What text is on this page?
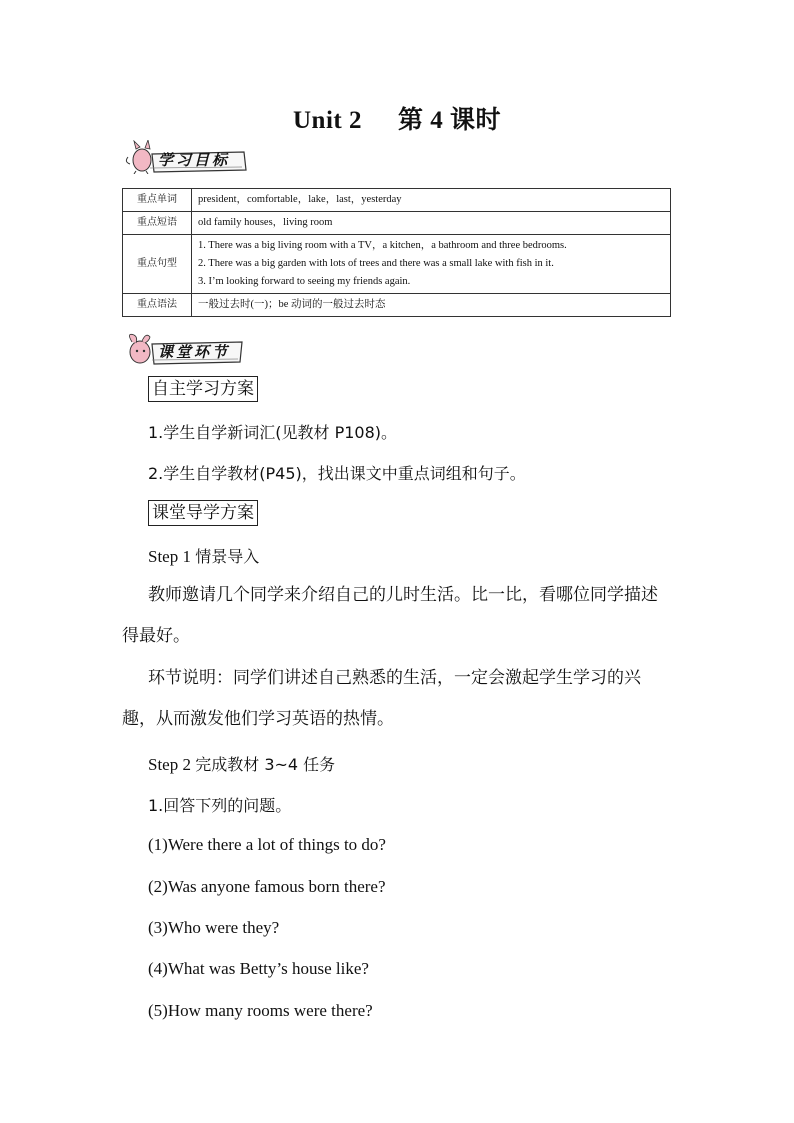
Unit 2 第 4 课时
学习目标
重点单词	president，comfortable，lake，last，yesterday
重点短语	old family houses，living room
重点句型	1. There was a big living room with a TV，a kitchen，a bathroom and three bedrooms.
2. There was a big garden with lots of trees and there was a small lake with fish in it.
3. I’m looking forward to seeing my friends again.

重点语法	一般过去时(一)；be 动词的一般过去时态
课堂环节
自主学习方案
1.学生自学新词汇(见教材 P108)。
2.学生自学教材(P45)，找出课文中重点词组和句子。
课堂导学方案
Step 1 情景导入
教师邀请几个同学来介绍自己的儿时生活。比一比，看哪位同学描述得最好。
环节说明：同学们讲述自己熟悉的生活，一定会激起学生学习的兴趣，从而激发他们学习英语的热情。
Step 2 完成教材 3~4 任务
1.回答下列的问题。
(1)Were there a lot of things to do?
(2)Was anyone famous born there?
(3)Who were they?
(4)What was Betty’s house like?
(5)How many rooms were there?
